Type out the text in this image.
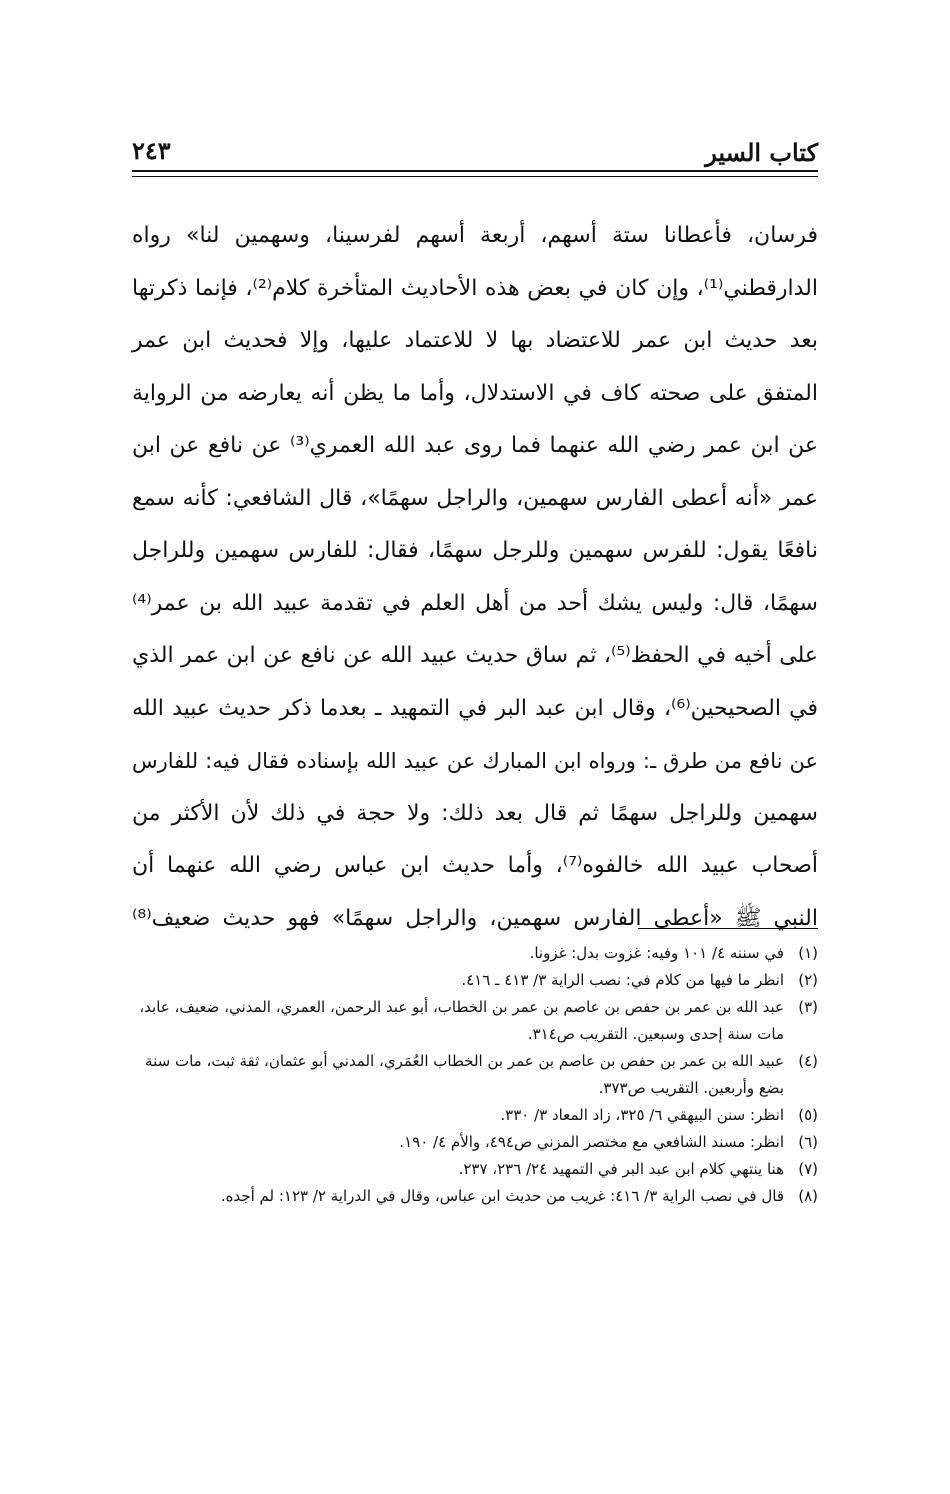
كتاب السير
٢٤٣
فرسان، فأعطانا ستة أسهم، أربعة أسهم لفرسينا، وسهمين لنا» رواه
الدارقطني⁽¹⁾، وإن كان في بعض هذه الأحاديث المتأخرة كلام⁽²⁾، فإنما ذكرتها
بعد حديث ابن عمر للاعتضاد بها لا للاعتماد عليها، وإلا فحديث ابن عمر
المتفق على صحته كاف في الاستدلال، وأما ما يظن أنه يعارضه من الرواية
عن ابن عمر رضي الله عنهما فما روى عبد الله العمري⁽³⁾ عن نافع عن ابن
عمر «أنه أعطى الفارس سهمين، والراجل سهمًا»، قال الشافعي: كأنه سمع
نافعًا يقول: للفرس سهمين وللرجل سهمًا، فقال: للفارس سهمين وللراجل
سهمًا، قال: وليس يشك أحد من أهل العلم في تقدمة عبيد الله بن عمر⁽⁴⁾
على أخيه في الحفظ⁽⁵⁾، ثم ساق حديث عبيد الله عن نافع عن ابن عمر الذي
في الصحيحين⁽⁶⁾، وقال ابن عبد البر في التمهيد ـ بعدما ذكر حديث عبيد الله
عن نافع من طرق ـ: ورواه ابن المبارك عن عبيد الله بإسناده فقال فيه: للفارس
سهمين وللراجل سهمًا ثم قال بعد ذلك: ولا حجة في ذلك لأن الأكثر من
أصحاب عبيد الله خالفوه⁽⁷⁾، وأما حديث ابن عباس رضي الله عنهما أن
النبي ﷺ «أعطى الفارس سهمين، والراجل سهمًا» فهو حديث ضعيف⁽⁸⁾
(١)
في سننه ٤/ ١٠١ وفيه: غزوت بدل: غزونا.
(٢)
انظر ما فيها من كلام في: نصب الراية ٣/ ٤١٣ ـ ٤١٦.
(٣)
عبد الله بن عمر بن حفص بن عاصم بن عمر بن الخطاب، أبو عبد الرحمن، العمري، المدني، ضعيف، عابد، مات سنة إحدى وسبعين. التقريب ص٣١٤.
(٤)
عبيد الله بن عمر بن حفص بن عاصم بن عمر بن الخطاب العُمَري، المدني أبو عثمان، ثقة ثبت، مات سنة بضع وأربعين. التقريب ص٣٧٣.
(٥)
انظر: سنن البيهقي ٦/ ٣٢٥، زاد المعاد ٣/ ٣٣٠.
(٦)
انظر: مسند الشافعي مع مختصر المزني ص٤٩٤، والأم ٤/ ١٩٠.
(٧)
هنا ينتهي كلام ابن عبد البر في التمهيد ٢٤/ ٢٣٦، ٢٣٧.
(٨)
قال في نصب الراية ٣/ ٤١٦: غريب من حديث ابن عباس، وقال في الدراية ٢/ ١٢٣: لم أجده.
